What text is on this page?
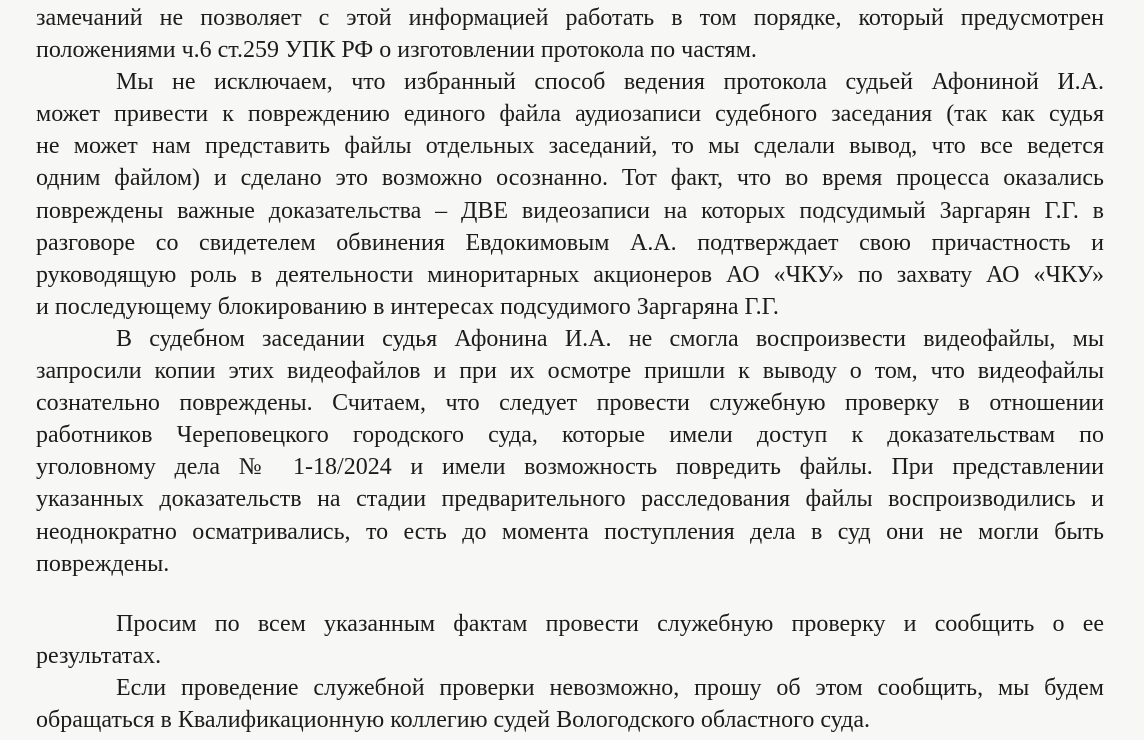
замечаний не позволяет с этой информацией работать в том порядке, который предусмотрен
положениями ч.6 ст.259 УПК РФ о изготовлении протокола по частям.

Мы не исключаем, что избранный способ ведения протокола судьей Афониной И.А.
может привести к повреждению единого файла аудиозаписи судебного заседания (так как судья
не может нам представить файлы отдельных заседаний, то мы сделали вывод, что все ведется
одним файлом) и сделано это возможно осознанно. Тот факт, что во время процесса оказались
повреждены важные доказательства – ДВЕ видеозаписи на которых подсудимый Заргарян Г.Г. в
разговоре со свидетелем обвинения Евдокимовым А.А. подтверждает свою причастность и
руководящую роль в деятельности миноритарных акционеров АО «ЧКУ» по захвату АО «ЧКУ»
и последующему блокированию в интересах подсудимого Заргаряна Г.Г.

В судебном заседании судья Афонина И.А. не смогла воспроизвести видеофайлы, мы
запросили копии этих видеофайлов и при их осмотре пришли к выводу о том, что видеофайлы
сознательно повреждены. Считаем, что следует провести служебную проверку в отношении
работников Череповецкого городского суда, которые имели доступ к доказательствам по
уголовному дела № 1-18/2024 и имели возможность повредить файлы. При представлении
указанных доказательств на стадии предварительного расследования файлы воспроизводились и
неоднократно осматривались, то есть до момента поступления дела в суд они не могли быть
повреждены.

Просим по всем указанным фактам провести служебную проверку и сообщить о ее
результатах.

Если проведение служебной проверки невозможно, прошу об этом сообщить, мы будем
обращаться в Квалификационную коллегию судей Вологодского областного суда.
